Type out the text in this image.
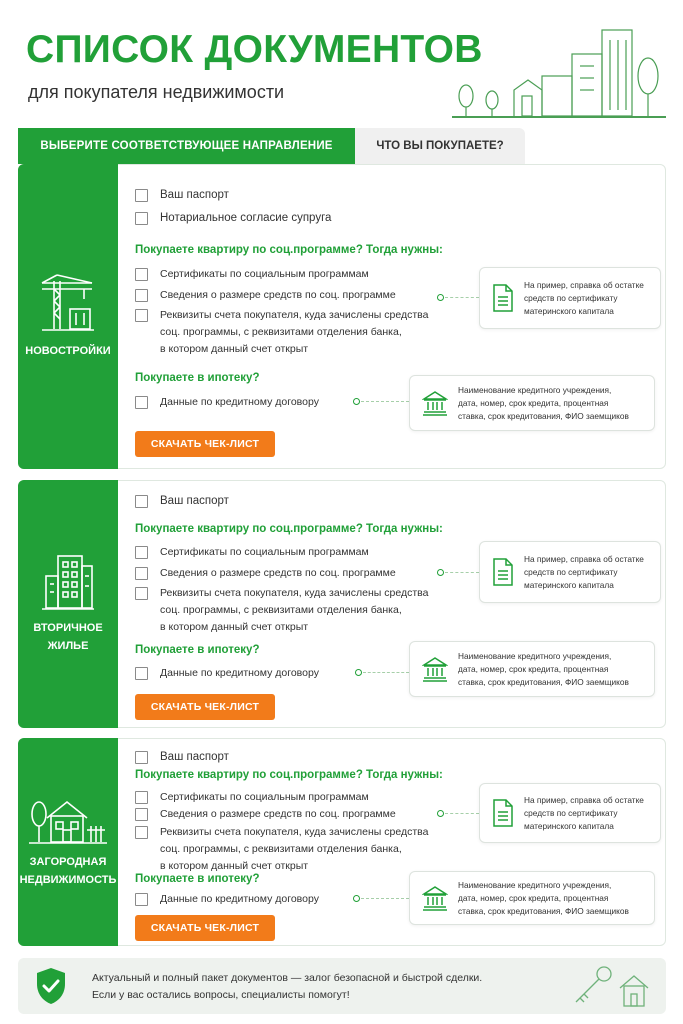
СПИСОК ДОКУМЕНТОВ
для покупателя недвижимости
ВЫБЕРИТЕ СООТВЕТСТВУЮЩЕЕ НАПРАВЛЕНИЕ	ЧТО ВЫ ПОКУПАЕТЕ?
НОВОСТРОЙКИ
Ваш паспорт
Нотариальное согласие супруга
Покупаете квартиру по соц.программе? Тогда нужны:
Сертификаты по социальным программам
Сведения о размере средств по соц. программе
Реквизиты счета покупателя, куда зачислены средства
соц. программы, с реквизитами отделения банка,
в котором данный счет открыт
На пример, справка об остатке
средств по сертификату
материнского капитала
Покупаете в ипотеку?
Данные по кредитному договору
Наименование кредитного учреждения,
дата, номер, срок кредита, процентная
ставка, срок кредитования, ФИО заемщиков
СКАЧАТЬ ЧЕК-ЛИСТ
ВТОРИЧНОЕ
ЖИЛЬЕ
Ваш паспорт
Покупаете квартиру по соц.программе? Тогда нужны:
Сертификаты по социальным программам
Сведения о размере средств по соц. программе
Реквизиты счета покупателя, куда зачислены средства
соц. программы, с реквизитами отделения банка,
в котором данный счет открыт
На пример, справка об остатке
средств по сертификату
материнского капитала
Покупаете в ипотеку?
Данные по кредитному договору
Наименование кредитного учреждения,
дата, номер, срок кредита, процентная
ставка, срок кредитования, ФИО заемщиков
СКАЧАТЬ ЧЕК-ЛИСТ
ЗАГОРОДНАЯ
НЕДВИЖИМОСТЬ
Ваш паспорт
Покупаете квартиру по соц.программе? Тогда нужны:
Сертификаты по социальным программам
Сведения о размере средств по соц. программе
Реквизиты счета покупателя, куда зачислены средства
соц. программы, с реквизитами отделения банка,
в котором данный счет открыт
На пример, справка об остатке
средств по сертификату
материнского капитала
Покупаете в ипотеку?
Данные по кредитному договору
Наименование кредитного учреждения,
дата, номер, срок кредита, процентная
ставка, срок кредитования, ФИО заемщиков
СКАЧАТЬ ЧЕК-ЛИСТ
Актуальный и полный пакет документов — залог безопасной и быстрой сделки.
Если у вас остались вопросы, специалисты помогут!
